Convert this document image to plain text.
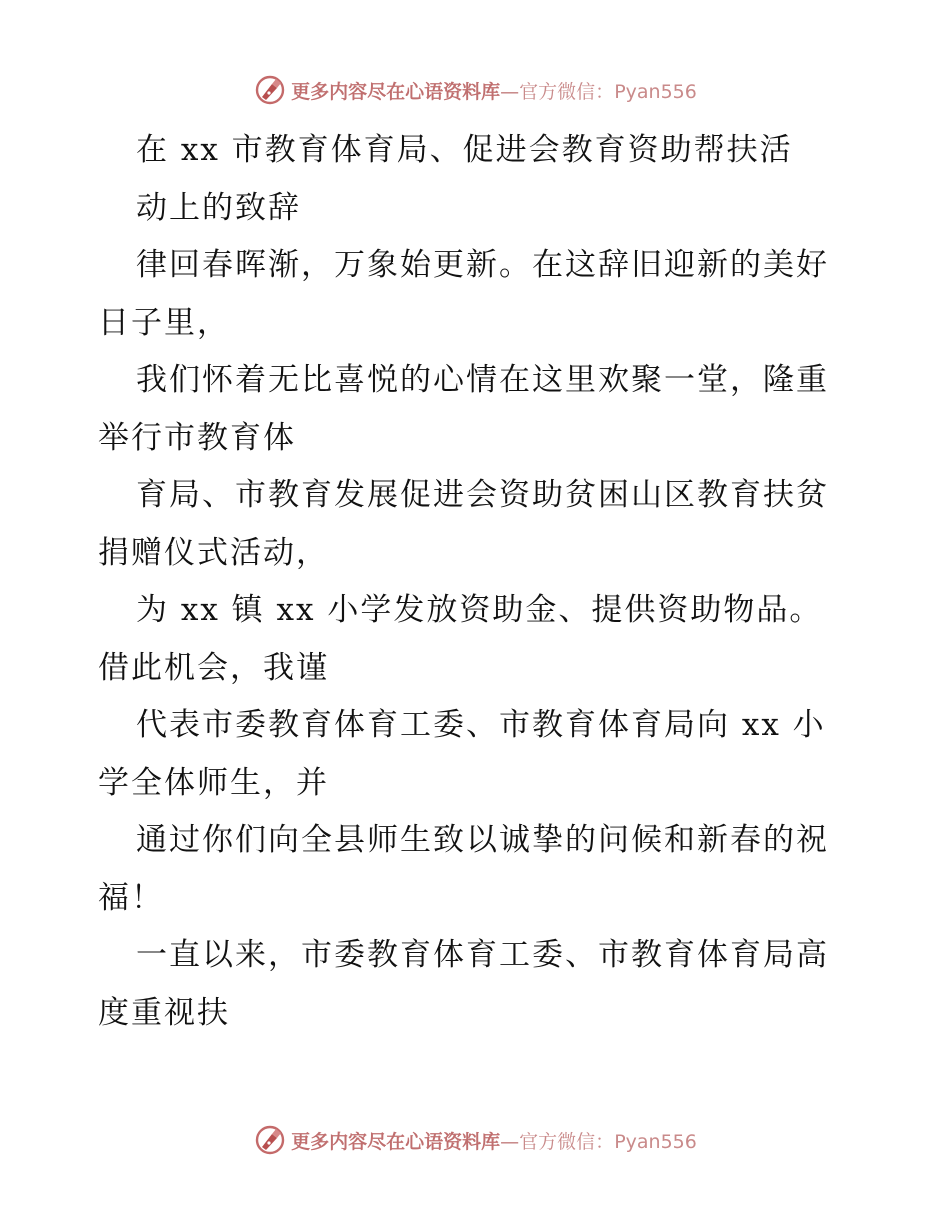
更多内容尽在心语资料库—官方微信：Pyan556
在 xx 市教育体育局、促进会教育资助帮扶活
动上的致辞
律回春晖渐，万象始更新。在这辞旧迎新的美好
日子里，
我们怀着无比喜悦的心情在这里欢聚一堂，隆重
举行市教育体
育局、市教育发展促进会资助贫困山区教育扶贫
捐赠仪式活动，
为 xx 镇 xx 小学发放资助金、提供资助物品。
借此机会，我谨
代表市委教育体育工委、市教育体育局向 xx 小
学全体师生，并
通过你们向全县师生致以诚挚的问候和新春的祝
福！
一直以来，市委教育体育工委、市教育体育局高
度重视扶
更多内容尽在心语资料库—官方微信：Pyan556
